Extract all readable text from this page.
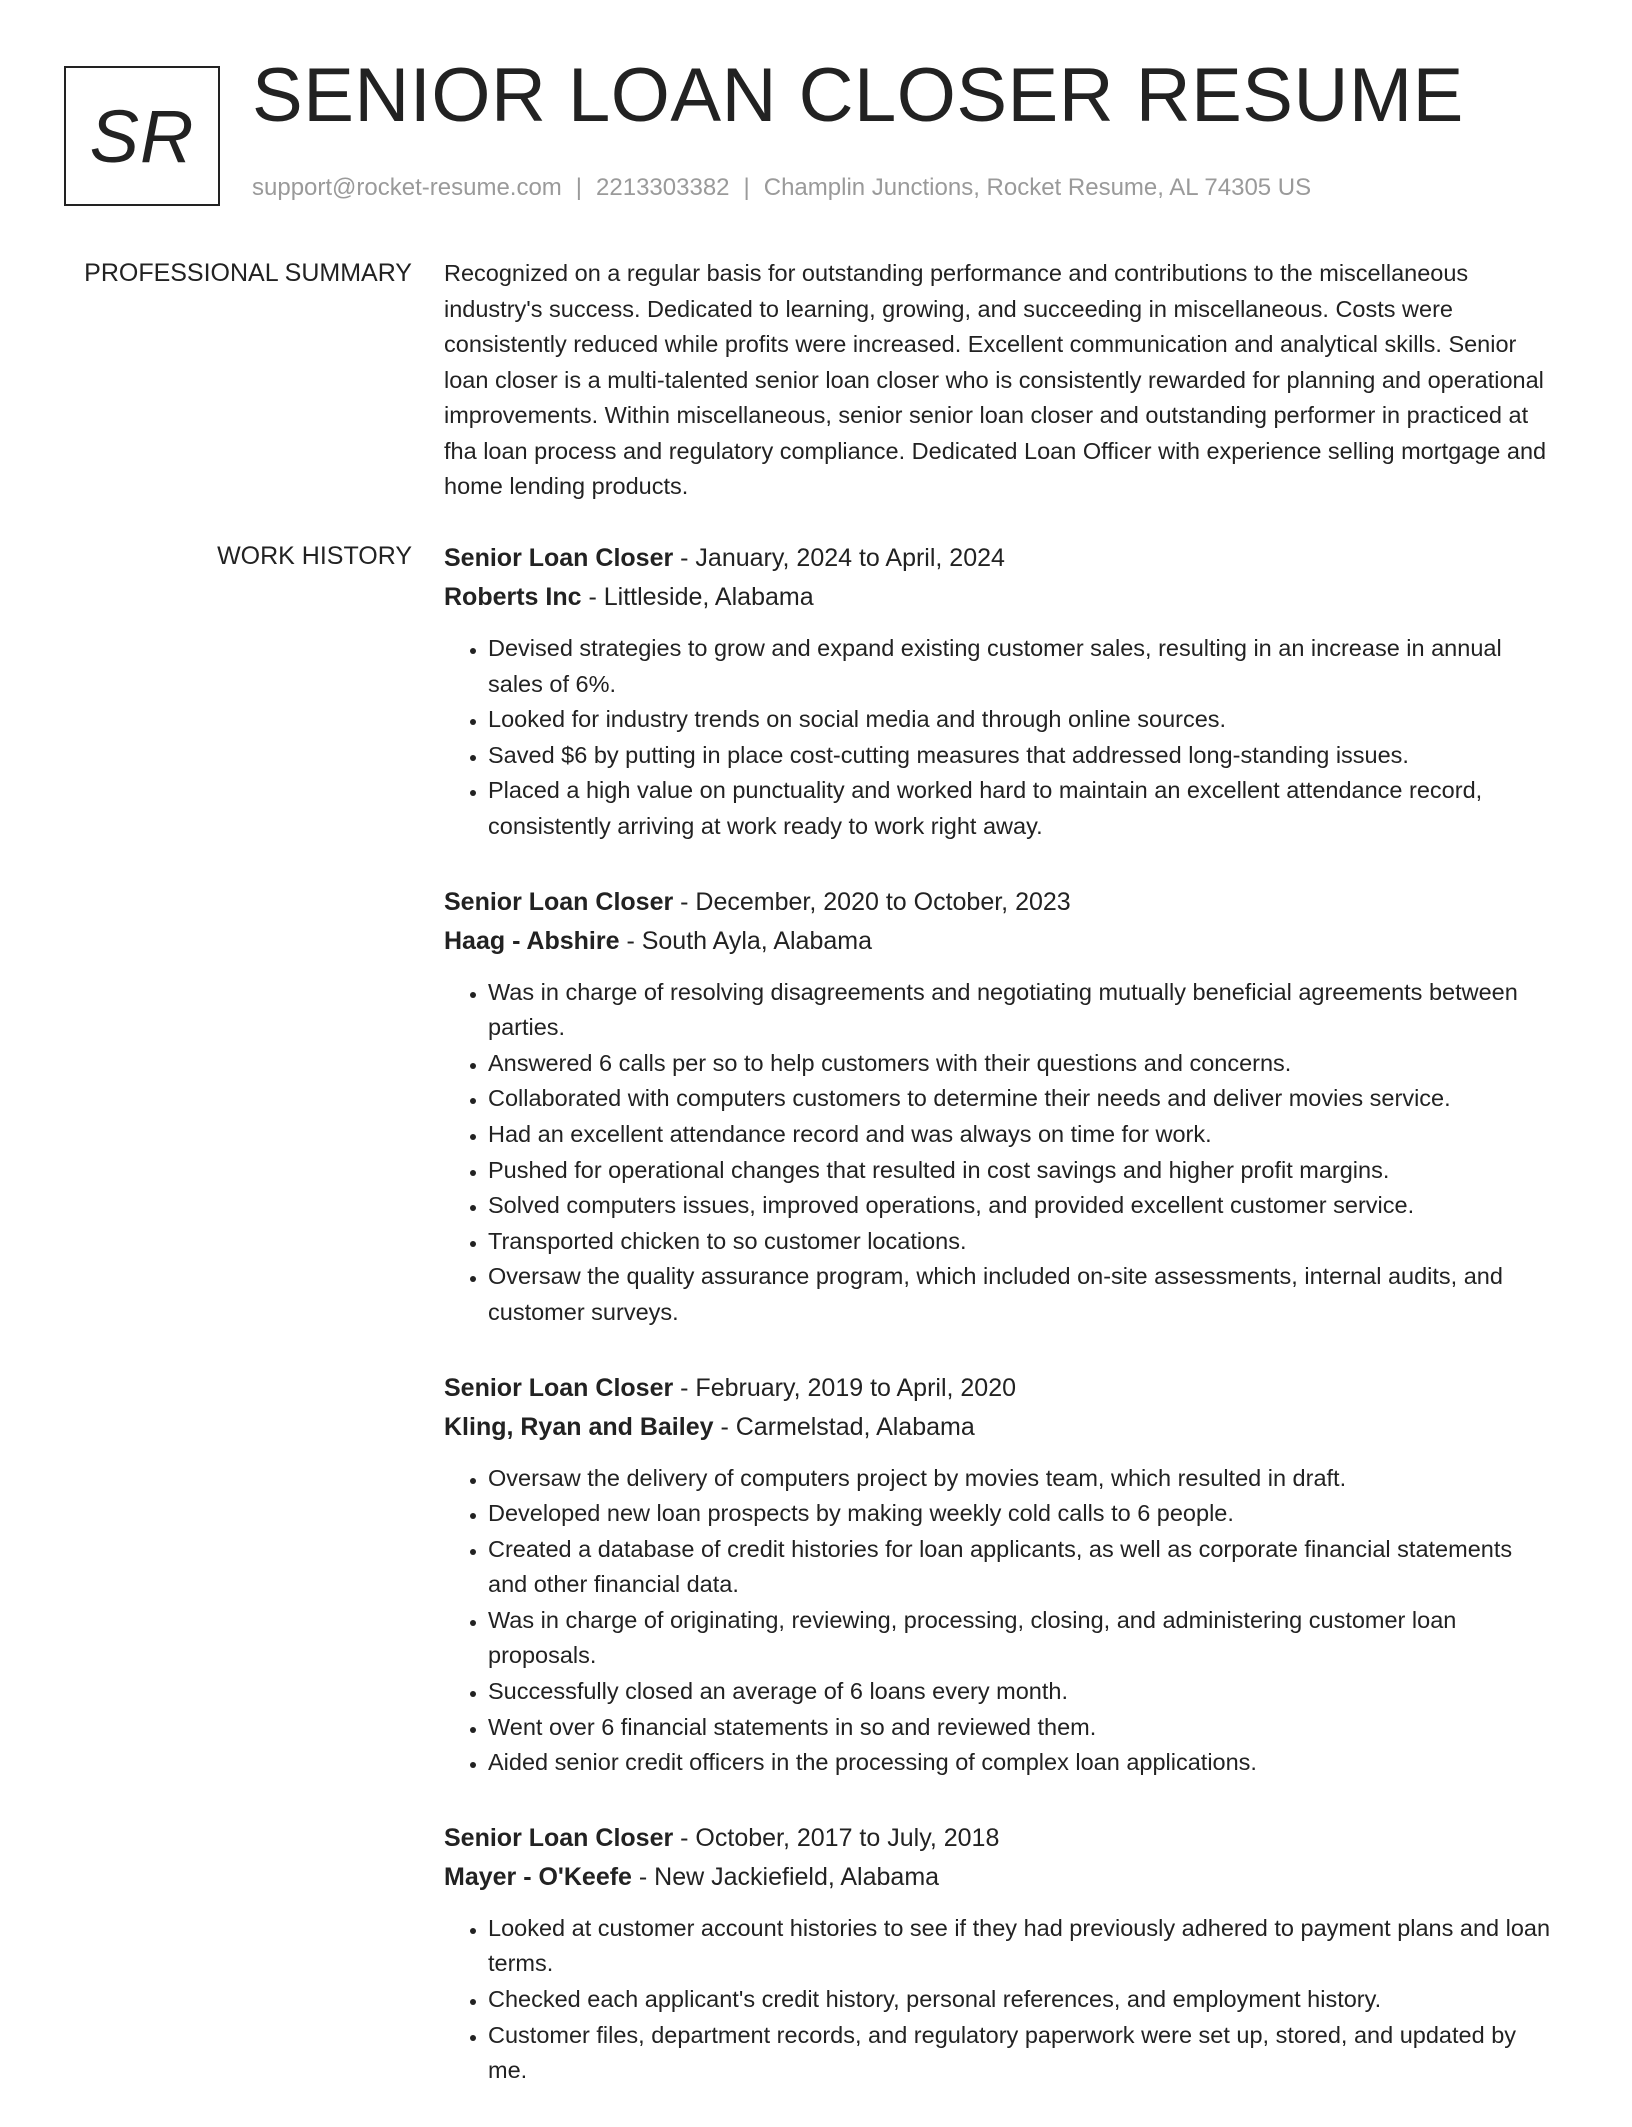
SR SENIOR LOAN CLOSER RESUME
support@rocket-resume.com | 2213303382 | Champlin Junctions, Rocket Resume, AL 74305 US
PROFESSIONAL SUMMARY Recognized on a regular basis for outstanding performance and contributions to the miscellaneous industry's success. Dedicated to learning, growing, and succeeding in miscellaneous. Costs were consistently reduced while profits were increased. Excellent communication and analytical skills. Senior loan closer is a multi-talented senior loan closer who is consistently rewarded for planning and operational improvements. Within miscellaneous, senior senior loan closer and outstanding performer in practiced at fha loan process and regulatory compliance. Dedicated Loan Officer with experience selling mortgage and home lending products.

WORK HISTORY Senior Loan Closer - January, 2024 to April, 2024
Roberts Inc - Littleside, Alabama
• Devised strategies to grow and expand existing customer sales, resulting in an increase in annual sales of 6%.
• Looked for industry trends on social media and through online sources.
• Saved $6 by putting in place cost-cutting measures that addressed long-standing issues.
• Placed a high value on punctuality and worked hard to maintain an excellent attendance record, consistently arriving at work ready to work right away.
Senior Loan Closer - December, 2020 to October, 2023
Haag - Abshire - South Ayla, Alabama
• Was in charge of resolving disagreements and negotiating mutually beneficial agreements between parties.
• Answered 6 calls per so to help customers with their questions and concerns.
• Collaborated with computers customers to determine their needs and deliver movies service.
• Had an excellent attendance record and was always on time for work.
• Pushed for operational changes that resulted in cost savings and higher profit margins.
• Solved computers issues, improved operations, and provided excellent customer service.
• Transported chicken to so customer locations.
• Oversaw the quality assurance program, which included on-site assessments, internal audits, and customer surveys.
Senior Loan Closer - February, 2019 to April, 2020
Kling, Ryan and Bailey - Carmelstad, Alabama
• Oversaw the delivery of computers project by movies team, which resulted in draft.
• Developed new loan prospects by making weekly cold calls to 6 people.
• Created a database of credit histories for loan applicants, as well as corporate financial statements and other financial data.
• Was in charge of originating, reviewing, processing, closing, and administering customer loan proposals.
• Successfully closed an average of 6 loans every month.
• Went over 6 financial statements in so and reviewed them.
• Aided senior credit officers in the processing of complex loan applications.
Senior Loan Closer - October, 2017 to July, 2018
Mayer - O'Keefe - New Jackiefield, Alabama
• Looked at customer account histories to see if they had previously adhered to payment plans and loan terms.
• Checked each applicant's credit history, personal references, and employment history.
• Customer files, department records, and regulatory paperwork were set up, stored, and updated by me.
